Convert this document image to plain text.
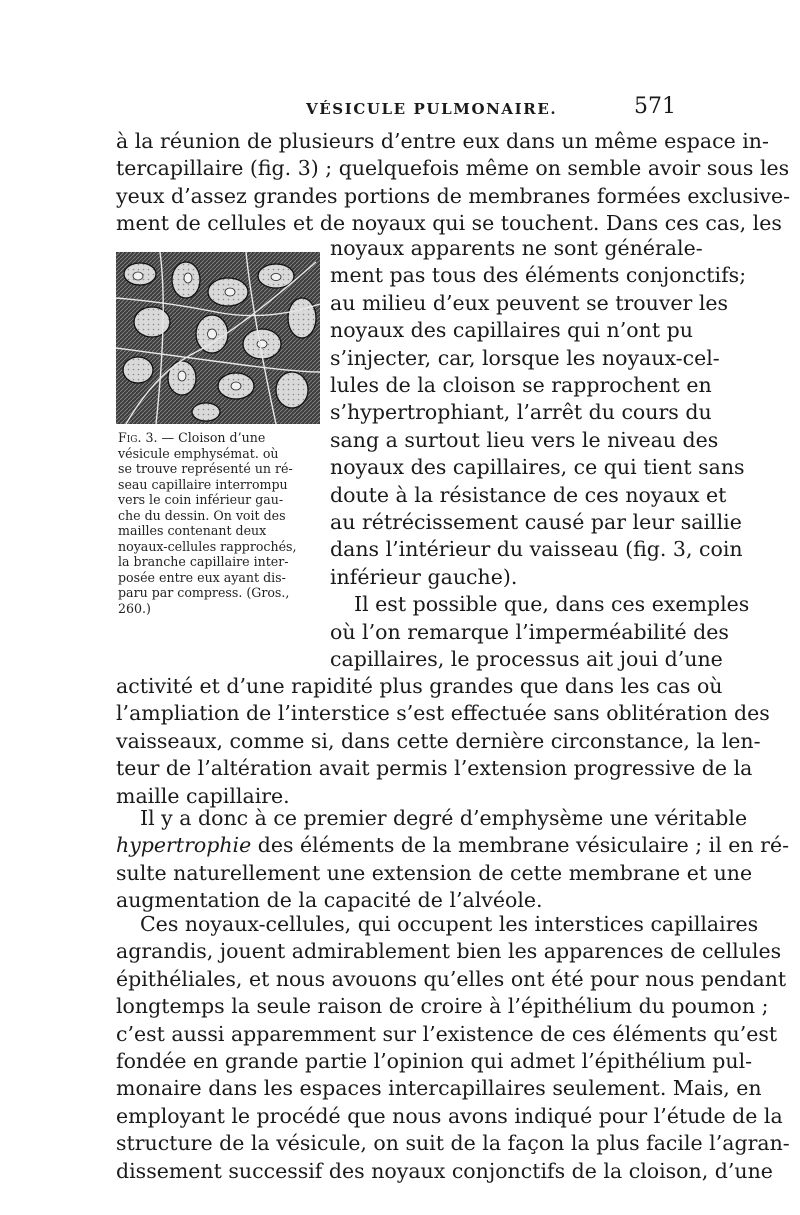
VÉSICULE PULMONAIRE.	571
à la réunion de plusieurs d’entre eux dans un même espace in-
tercapillaire (fig. 3) ; quelquefois même on semble avoir sous les
yeux d’assez grandes portions de membranes formées exclusive-
ment de cellules et de noyaux qui se touchent. Dans ces cas, les
Fig. 3. — Cloison d’une
vésicule emphysémat. où
se trouve représenté un ré-
seau capillaire interrompu
vers le coin inférieur gau-
che du dessin. On voit des
mailles contenant deux
noyaux-cellules rapprochés,
la branche capillaire inter-
posée entre eux ayant dis-
paru par compress. (Gros.,
260.)
noyaux apparents ne sont générale-
ment pas tous des éléments conjonctifs;
au milieu d’eux peuvent se trouver les
noyaux des capillaires qui n’ont pu
s’injecter, car, lorsque les noyaux-cel-
lules de la cloison se rapprochent en
s’hypertrophiant, l’arrêt du cours du
sang a surtout lieu vers le niveau des
noyaux des capillaires, ce qui tient sans
doute à la résistance de ces noyaux et
au rétrécissement causé par leur saillie
dans l’intérieur du vaisseau (fig. 3, coin
inférieur gauche).
Il est possible que, dans ces exemples
où l’on remarque l’imperméabilité des
capillaires, le processus ait joui d’une
activité et d’une rapidité plus grandes que dans les cas où
l’ampliation de l’interstice s’est effectuée sans oblitération des
vaisseaux, comme si, dans cette dernière circonstance, la len-
teur de l’altération avait permis l’extension progressive de la
maille capillaire.
Il y a donc à ce premier degré d’emphysème une véritable
hypertrophie des éléments de la membrane vésiculaire ; il en ré-
sulte naturellement une extension de cette membrane et une
augmentation de la capacité de l’alvéole.
Ces noyaux-cellules, qui occupent les interstices capillaires
agrandis, jouent admirablement bien les apparences de cellules
épithéliales, et nous avouons qu’elles ont été pour nous pendant
longtemps la seule raison de croire à l’épithélium du poumon ;
c’est aussi apparemment sur l’existence de ces éléments qu’est
fondée en grande partie l’opinion qui admet l’épithélium pul-
monaire dans les espaces intercapillaires seulement. Mais, en
employant le procédé que nous avons indiqué pour l’étude de la
structure de la vésicule, on suit de la façon la plus facile l’agran-
dissement successif des noyaux conjonctifs de la cloison, d’une
